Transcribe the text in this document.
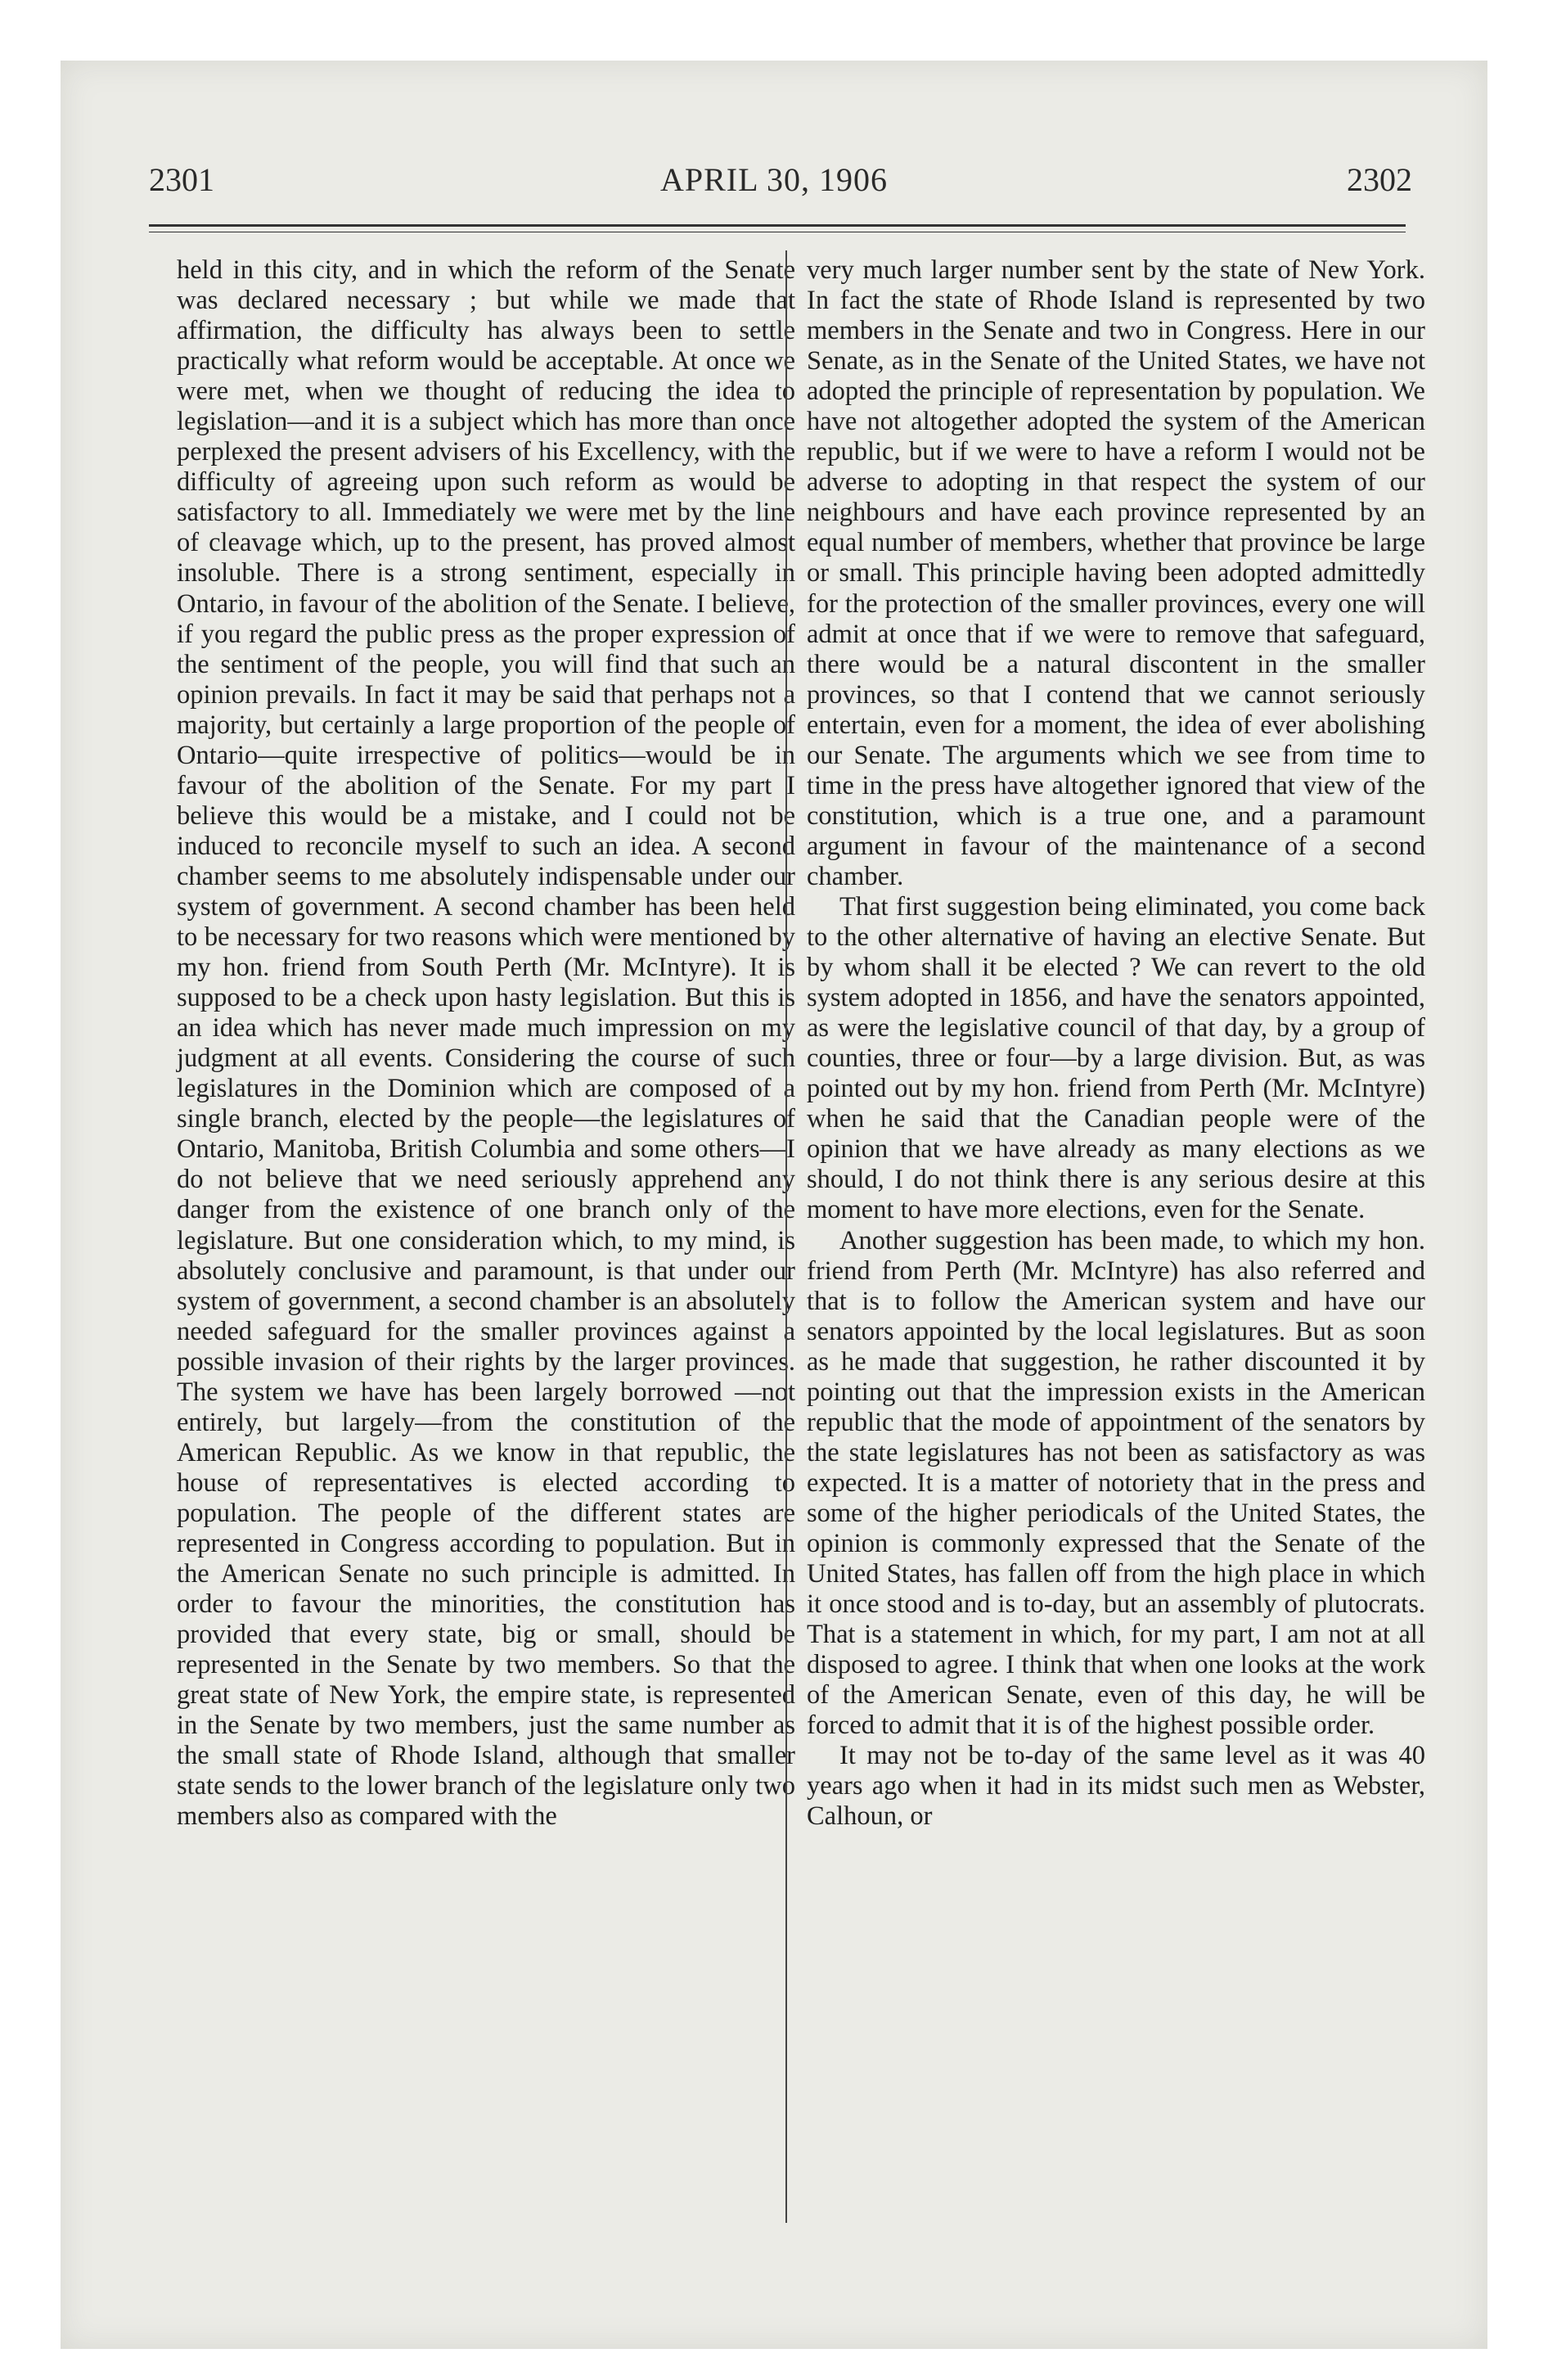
APRIL 30, 1906
2301	2302

held in this city, and in which the reform of the Senate was declared necessary ; but while we made that affirmation, the difficulty has always been to settle practically what reform would be acceptable. At once we were met, when we thought of reducing the idea to legislation—and it is a subject which has more than once perplexed the present advisers of his Excellency, with the difficulty of agreeing upon such reform as would be satisfactory to all. Immediately we were met by the line of cleavage which, up to the present, has proved almost insoluble. There is a strong sentiment, especially in Ontario, in favour of the abolition of the Senate. I believe, if you regard the public press as the proper expression of the sentiment of the people, you will find that such an opinion prevails. In fact it may be said that perhaps not a majority, but certainly a large proportion of the people of Ontario—quite irrespective of politics—would be in favour of the abolition of the Senate. For my part I believe this would be a mistake, and I could not be induced to reconcile myself to such an idea. A second chamber seems to me absolutely indispensable under our system of government. A second chamber has been held to be necessary for two reasons which were mentioned by my hon. friend from South Perth (Mr. McIntyre). It is supposed to be a check upon hasty legislation. But this is an idea which has never made much impression on my judgment at all events. Considering the course of such legislatures in the Dominion which are composed of a single branch, elected by the people—the legislatures of Ontario, Manitoba, British Columbia and some others—I do not believe that we need seriously apprehend any danger from the existence of one branch only of the legislature. But one consideration which, to my mind, is absolutely conclusive and paramount, is that under our system of government, a second chamber is an absolutely needed safeguard for the smaller provinces against a possible invasion of their rights by the larger provinces. The system we have has been largely borrowed —not entirely, but largely—from the constitution of the American Republic. As we know in that republic, the house of representatives is elected according to population. The people of the different states are represented in Congress according to population. But in the American Senate no such principle is admitted. In order to favour the minorities, the constitution has provided that every state, big or small, should be represented in the Senate by two members. So that the great state of New York, the empire state, is represented in the Senate by two members, just the same number as the small state of Rhode Island, although that smaller state sends to the lower branch of the legislature only two members also as compared with the

very much larger number sent by the state of New York. In fact the state of Rhode Island is represented by two members in the Senate and two in Congress. Here in our Senate, as in the Senate of the United States, we have not adopted the principle of representation by population. We have not altogether adopted the system of the American republic, but if we were to have a reform I would not be adverse to adopting in that respect the system of our neighbours and have each province represented by an equal number of members, whether that province be large or small. This principle having been adopted admittedly for the protection of the smaller provinces, every one will admit at once that if we were to remove that safeguard, there would be a natural discontent in the smaller provinces, so that I contend that we cannot seriously entertain, even for a moment, the idea of ever abolishing our Senate. The arguments which we see from time to time in the press have altogether ignored that view of the constitution, which is a true one, and a paramount argument in favour of the maintenance of a second chamber.

That first suggestion being eliminated, you come back to the other alternative of having an elective Senate. But by whom shall it be elected ? We can revert to the old system adopted in 1856, and have the senators appointed, as were the legislative council of that day, by a group of counties, three or four—by a large division. But, as was pointed out by my hon. friend from Perth (Mr. McIntyre) when he said that the Canadian people were of the opinion that we have already as many elections as we should, I do not think there is any serious desire at this moment to have more elections, even for the Senate.

Another suggestion has been made, to which my hon. friend from Perth (Mr. McIntyre) has also referred and that is to follow the American system and have our senators appointed by the local legislatures. But as soon as he made that suggestion, he rather discounted it by pointing out that the impression exists in the American republic that the mode of appointment of the senators by the state legislatures has not been as satisfactory as was expected. It is a matter of notoriety that in the press and some of the higher periodicals of the United States, the opinion is commonly expressed that the Senate of the United States, has fallen off from the high place in which it once stood and is to-day, but an assembly of plutocrats. That is a statement in which, for my part, I am not at all disposed to agree. I think that when one looks at the work of the American Senate, even of this day, he will be forced to admit that it is of the highest possible order.

It may not be to-day of the same level as it was 40 years ago when it had in its midst such men as Webster, Calhoun, or
